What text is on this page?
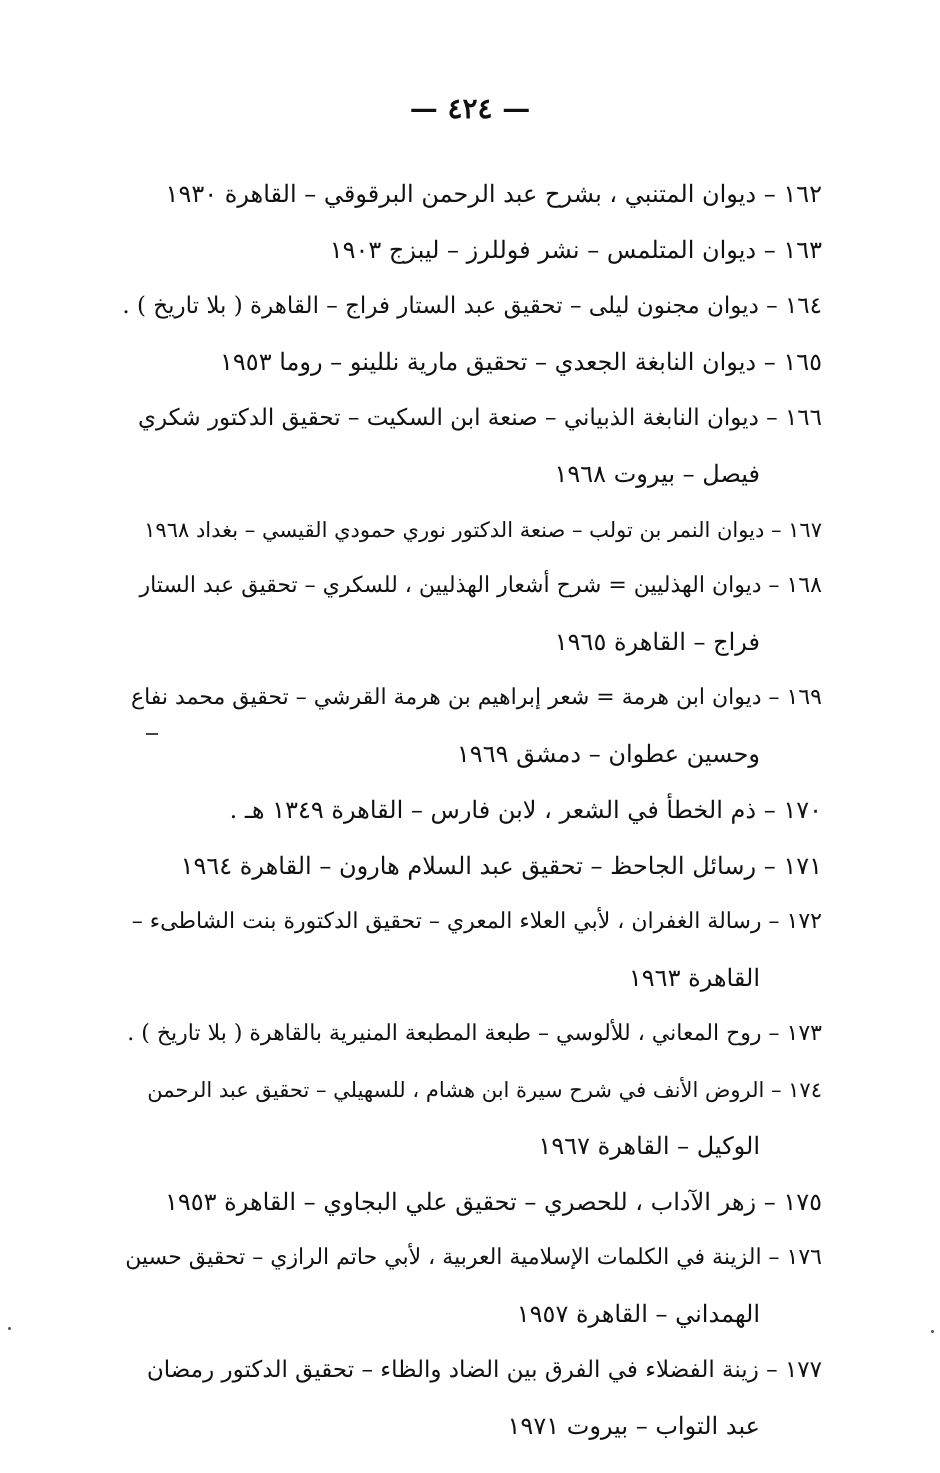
— ٤٢٤ —
١٦٢ – ديوان المتنبي ، بشرح عبد الرحمن البرقوقي – القاهرة ١٩٣٠
١٦٣ – ديوان المتلمس – نشر فوللرز – ليبزج ١٩٠٣
١٦٤ – ديوان مجنون ليلى – تحقيق عبد الستار فراج – القاهرة ( بلا تاريخ ) .
١٦٥ – ديوان النابغة الجعدي – تحقيق مارية نللينو – روما ١٩٥٣
١٦٦ – ديوان النابغة الذبياني – صنعة ابن السكيت – تحقيق الدكتور شكري
فيصل – بيروت ١٩٦٨
١٦٧ – ديوان النمر بن تولب – صنعة الدكتور نوري حمودي القيسي – بغداد ١٩٦٨
١٦٨ – ديوان الهذليين = شرح أشعار الهذليين ، للسكري – تحقيق عبد الستار
فراج – القاهرة ١٩٦٥
١٦٩ – ديوان ابن هرمة = شعر إبراهيم بن هرمة القرشي – تحقيق محمد نفاع
وحسين عطوان – دمشق ١٩٦٩
١٧٠ – ذم الخطأ في الشعر ، لابن فارس – القاهرة ١٣٤٩ هـ .
١٧١ – رسائل الجاحظ – تحقيق عبد السلام هارون – القاهرة ١٩٦٤
١٧٢ – رسالة الغفران ، لأبي العلاء المعري – تحقيق الدكتورة بنت الشاطىء –
القاهرة ١٩٦٣
١٧٣ – روح المعاني ، للألوسي – طبعة المطبعة المنيرية بالقاهرة ( بلا تاريخ ) .
١٧٤ – الروض الأنف في شرح سيرة ابن هشام ، للسهيلي – تحقيق عبد الرحمن
الوكيل – القاهرة ١٩٦٧
١٧٥ – زهر الآداب ، للحصري – تحقيق علي البجاوي – القاهرة ١٩٥٣
١٧٦ – الزينة في الكلمات الإسلامية العربية ، لأبي حاتم الرازي – تحقيق حسين
الهمداني – القاهرة ١٩٥٧
١٧٧ – زينة الفضلاء في الفرق بين الضاد والظاء – تحقيق الدكتور رمضان
عبد التواب – بيروت ١٩٧١
